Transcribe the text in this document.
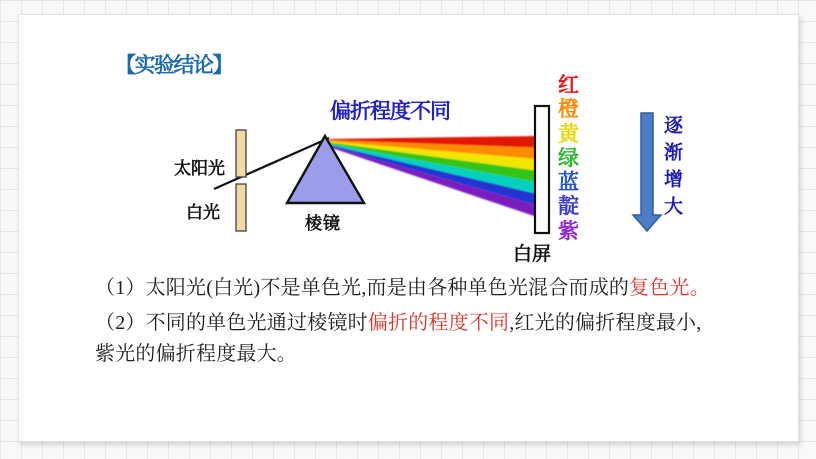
【实验结论】
偏折程度不同
太阳光
白光
棱镜
白屏
红
橙
黄
绿
蓝
靛
紫
逐渐增大
（1）太阳光(白光)不是单色光,而是由各种单色光混合而成的复色光。
（2）不同的单色光通过棱镜时偏折的程度不同,红光的偏折程度最小,
紫光的偏折程度最大。
